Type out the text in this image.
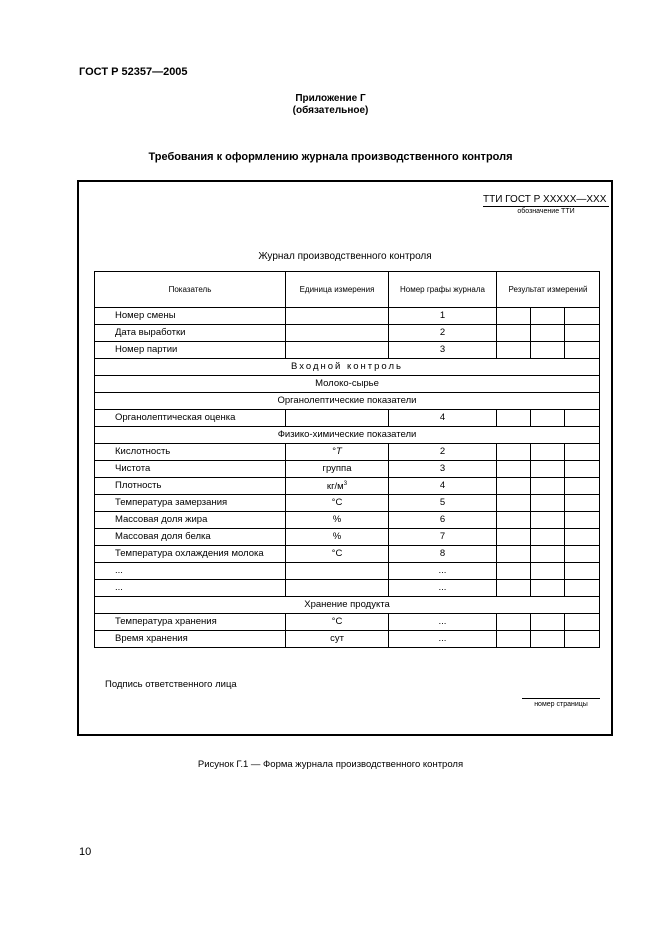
ГОСТ Р 52357—2005
Приложение Г
(обязательное)
Требования к оформлению журнала производственного контроля
ТТИ ГОСТ Р XXXXX—XXX
обозначение ТТИ
Журнал производственного контроля
Показатель	Единица измерения	Номер графы журнала	Результат измерений		
Номер смены		1			
Дата выработки		2			
Номер партии		3			
Входной контроль					
Молоко-сырье					
Органолептические показатели					
Органолептическая оценка		4			
Физико-химические показатели					
Кислотность	°Т	2			
Чистота	группа	3			
Плотность	$кг/м^3$	4			
Температура замерзания	°С	5			
Массовая доля жира	%	6			
Массовая доля белка	%	7			
Температура охлаждения молока	°С	8			
...		...			
...		...			
Хранение продукта					
Температура хранения	°С	...			
Время хранения	сут	...			
Подпись ответственного лица
номер страницы
Рисунок Г.1 — Форма журнала производственного контроля
10
